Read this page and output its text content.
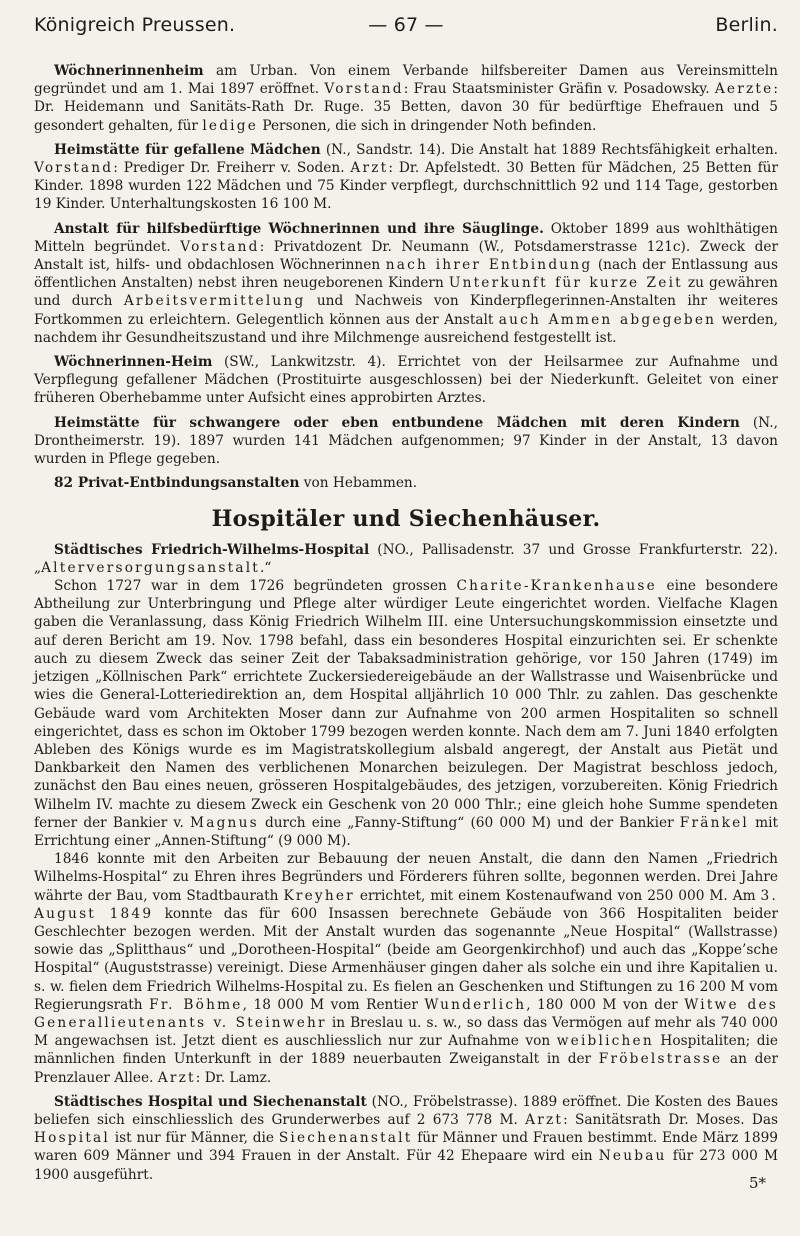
Königreich Preussen.	— 67 —	Berlin.

Wöchnerinnenheim am Urban. Von einem Verbande hilfsbereiter Damen aus Vereinsmitteln gegründet und am 1. Mai 1897 eröffnet. Vorstand: Frau Staatsminister Gräfin v. Posadowsky. Aerzte: Dr. Heidemann und Sanitäts-Rath Dr. Ruge. 35 Betten, davon 30 für bedürftige Ehefrauen und 5 gesondert gehalten, für ledige Personen, die sich in dringender Noth befinden.

Heimstätte für gefallene Mädchen (N., Sandstr. 14). Die Anstalt hat 1889 Rechtsfähigkeit erhalten. Vorstand: Prediger Dr. Freiherr v. Soden. Arzt: Dr. Apfelstedt. 30 Betten für Mädchen, 25 Betten für Kinder. 1898 wurden 122 Mädchen und 75 Kinder verpflegt, durchschnittlich 92 und 114 Tage, gestorben 19 Kinder. Unterhaltungskosten 16 100 M.

Anstalt für hilfsbedürftige Wöchnerinnen und ihre Säuglinge. Oktober 1899 aus wohlthätigen Mitteln begründet. Vorstand: Privatdozent Dr. Neumann (W., Potsdamerstrasse 121c). Zweck der Anstalt ist, hilfs- und obdachlosen Wöchnerinnen nach ihrer Entbindung (nach der Entlassung aus öffentlichen Anstalten) nebst ihren neugeborenen Kindern Unterkunft für kurze Zeit zu gewähren und durch Arbeitsvermittelung und Nachweis von Kinderpflegerinnen-Anstalten ihr weiteres Fortkommen zu erleichtern. Gelegentlich können aus der Anstalt auch Ammen abgegeben werden, nachdem ihr Gesundheitszustand und ihre Milchmenge ausreichend festgestellt ist.

Wöchnerinnen-Heim (SW., Lankwitzstr. 4). Errichtet von der Heilsarmee zur Aufnahme und Verpflegung gefallener Mädchen (Prostituirte ausgeschlossen) bei der Niederkunft. Geleitet von einer früheren Oberhebamme unter Aufsicht eines approbirten Arztes.

Heimstätte für schwangere oder eben entbundene Mädchen mit deren Kindern (N., Drontheimerstr. 19). 1897 wurden 141 Mädchen aufgenommen; 97 Kinder in der Anstalt, 13 davon wurden in Pflege gegeben.

82 Privat-Entbindungsanstalten von Hebammen.

Hospitäler und Siechenhäuser.

Städtisches Friedrich-Wilhelms-Hospital (NO., Pallisadenstr. 37 und Grosse Frankfurterstr. 22). „Alterversorgungsanstalt.“

Schon 1727 war in dem 1726 begründeten grossen Charite-Krankenhause eine besondere Abtheilung zur Unterbringung und Pflege alter würdiger Leute eingerichtet worden. Vielfache Klagen gaben die Veranlassung, dass König Friedrich Wilhelm III. eine Untersuchungskommission einsetzte und auf deren Bericht am 19. Nov. 1798 befahl, dass ein besonderes Hospital einzurichten sei. Er schenkte auch zu diesem Zweck das seiner Zeit der Tabaksadministration gehörige, vor 150 Jahren (1749) im jetzigen „Köllnischen Park“ errichtete Zuckersiedereigebäude an der Wallstrasse und Waisenbrücke und wies die General-Lotteriedirektion an, dem Hospital alljährlich 10 000 Thlr. zu zahlen. Das geschenkte Gebäude ward vom Architekten Moser dann zur Aufnahme von 200 armen Hospitaliten so schnell eingerichtet, dass es schon im Oktober 1799 bezogen werden konnte. Nach dem am 7. Juni 1840 erfolgten Ableben des Königs wurde es im Magistratskollegium alsbald angeregt, der Anstalt aus Pietät und Dankbarkeit den Namen des verblichenen Monarchen beizulegen. Der Magistrat beschloss jedoch, zunächst den Bau eines neuen, grösseren Hospitalgebäudes, des jetzigen, vorzubereiten. König Friedrich Wilhelm IV. machte zu diesem Zweck ein Geschenk von 20 000 Thlr.; eine gleich hohe Summe spendeten ferner der Bankier v. Magnus durch eine „Fanny-Stiftung“ (60 000 M) und der Bankier Fränkel mit Errichtung einer „Annen-Stiftung“ (9 000 M).

1846 konnte mit den Arbeiten zur Bebauung der neuen Anstalt, die dann den Namen „Friedrich Wilhelms-Hospital“ zu Ehren ihres Begründers und Förderers führen sollte, begonnen werden. Drei Jahre währte der Bau, vom Stadtbaurath Kreyher errichtet, mit einem Kostenaufwand von 250 000 M. Am 3. August 1849 konnte das für 600 Insassen berechnete Gebäude von 366 Hospitaliten beider Geschlechter bezogen werden. Mit der Anstalt wurden das sogenannte „Neue Hospital“ (Wallstrasse) sowie das „Splitthaus“ und „Dorotheen-Hospital“ (beide am Georgenkirchhof) und auch das „Koppe’sche Hospital“ (Auguststrasse) vereinigt. Diese Armenhäuser gingen daher als solche ein und ihre Kapitalien u. s. w. fielen dem Friedrich Wilhelms-Hospital zu. Es fielen an Geschenken und Stiftungen zu 16 200 M vom Regierungsrath Fr. Böhme, 18 000 M vom Rentier Wunderlich, 180 000 M von der Witwe des Generallieutenants v. Steinwehr in Breslau u. s. w., so dass das Vermögen auf mehr als 740 000 M angewachsen ist. Jetzt dient es auschliesslich nur zur Aufnahme von weiblichen Hospitaliten; die männlichen finden Unterkunft in der 1889 neuerbauten Zweiganstalt in der Fröbelstrasse an der Prenzlauer Allee. Arzt: Dr. Lamz.

Städtisches Hospital und Siechenanstalt (NO., Fröbelstrasse). 1889 eröffnet. Die Kosten des Baues beliefen sich einschliesslich des Grunderwerbes auf 2 673 778 M. Arzt: Sanitätsrath Dr. Moses. Das Hospital ist nur für Männer, die Siechenanstalt für Männer und Frauen bestimmt. Ende März 1899 waren 609 Männer und 394 Frauen in der Anstalt. Für 42 Ehepaare wird ein Neubau für 273 000 M 1900 ausgeführt.	5*
